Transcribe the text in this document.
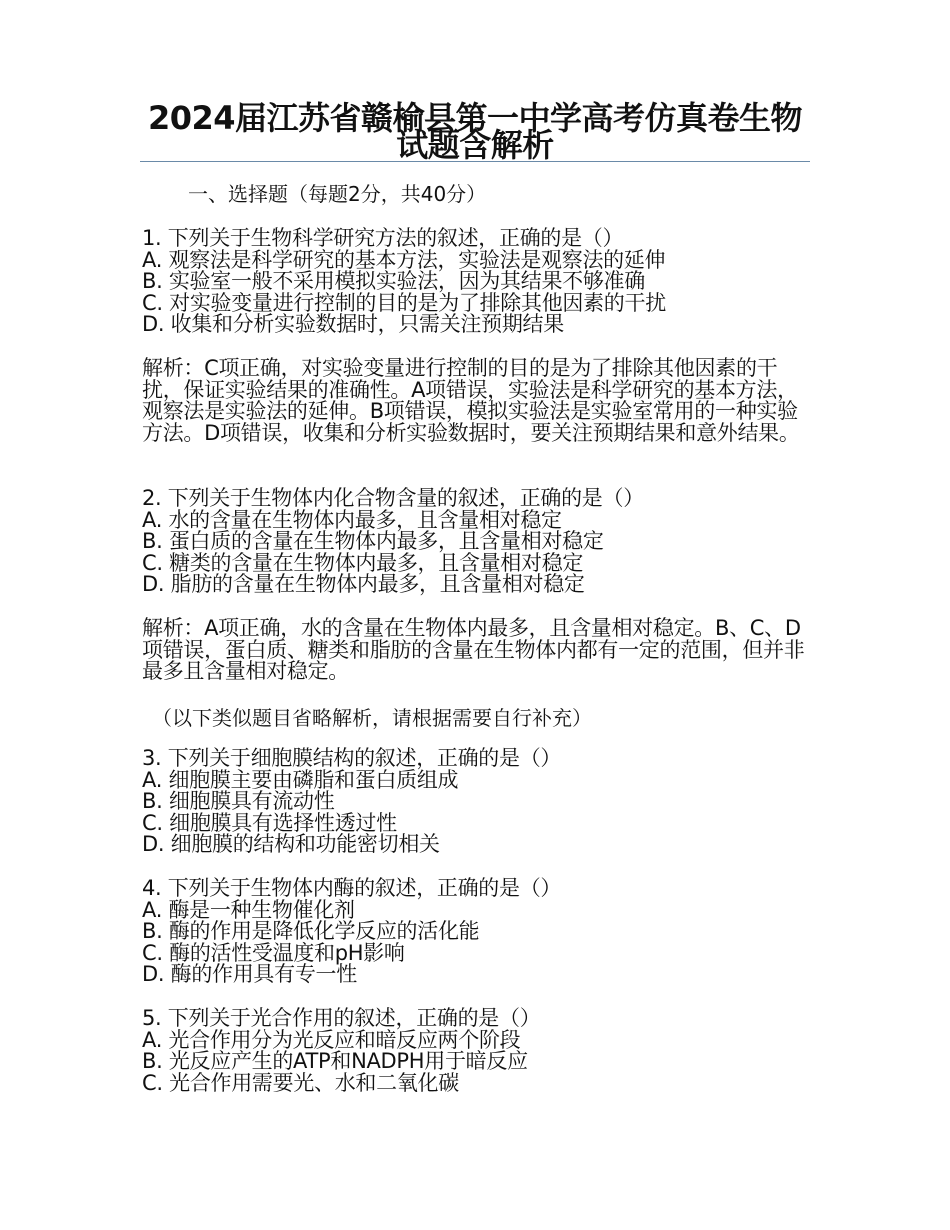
2024届江苏省赣榆县第一中学高考仿真卷生物试题含解析
一、选择题（每题2分，共40分）
1. 下列关于生物科学研究方法的叙述，正确的是（）
A. 观察法是科学研究的基本方法，实验法是观察法的延伸
B. 实验室一般不采用模拟实验法，因为其结果不够准确
C. 对实验变量进行控制的目的是为了排除其他因素的干扰
D. 收集和分析实验数据时，只需关注预期结果
解析：C项正确，对实验变量进行控制的目的是为了排除其他因素的干扰，保证实验结果的准确性。A项错误，实验法是科学研究的基本方法，观察法是实验法的延伸。B项错误，模拟实验法是实验室常用的一种实验方法。D项错误，收集和分析实验数据时，要关注预期结果和意外结果。
2. 下列关于生物体内化合物含量的叙述，正确的是（）
A. 水的含量在生物体内最多，且含量相对稳定
B. 蛋白质的含量在生物体内最多，且含量相对稳定
C. 糖类的含量在生物体内最多，且含量相对稳定
D. 脂肪的含量在生物体内最多，且含量相对稳定
解析：A项正确，水的含量在生物体内最多，且含量相对稳定。B、C、D项错误，蛋白质、糖类和脂肪的含量在生物体内都有一定的范围，但并非最多且含量相对稳定。
（以下类似题目省略解析，请根据需要自行补充）
3. 下列关于细胞膜结构的叙述，正确的是（）
A. 细胞膜主要由磷脂和蛋白质组成
B. 细胞膜具有流动性
C. 细胞膜具有选择性透过性
D. 细胞膜的结构和功能密切相关
4. 下列关于生物体内酶的叙述，正确的是（）
A. 酶是一种生物催化剂
B. 酶的作用是降低化学反应的活化能
C. 酶的活性受温度和pH影响
D. 酶的作用具有专一性
5. 下列关于光合作用的叙述，正确的是（）
A. 光合作用分为光反应和暗反应两个阶段
B. 光反应产生的ATP和NADPH用于暗反应
C. 光合作用需要光、水和二氧化碳
